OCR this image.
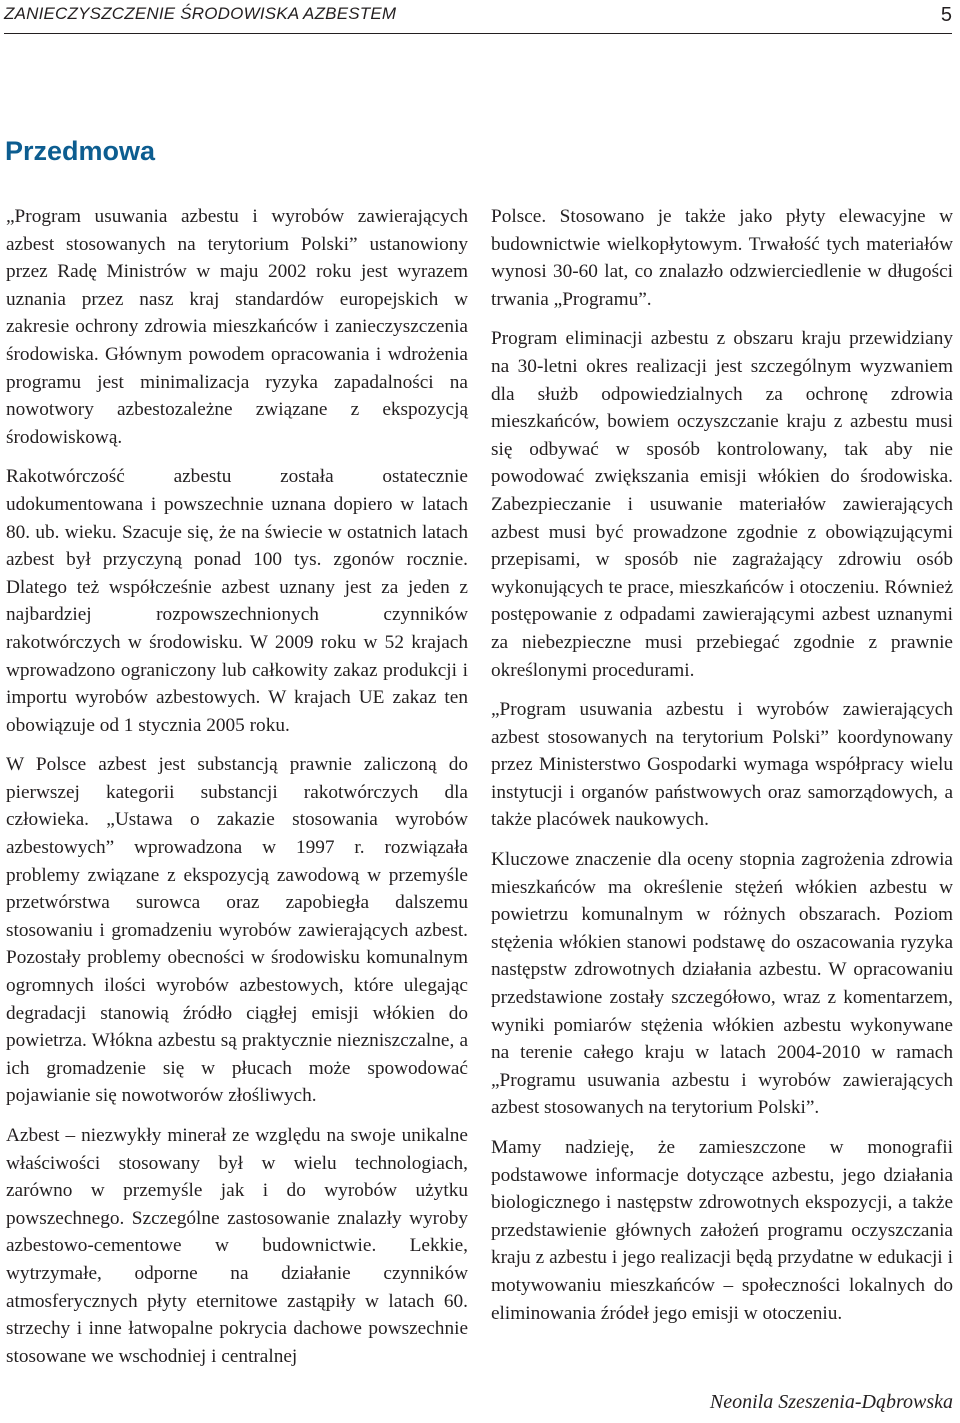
ZANIECZYSZCZENIE ŚRODOWISKA AZBESTEM	5
Przedmowa

„Program usuwania azbestu i wyrobów zawierających azbest stosowanych na terytorium Polski” ustanowiony przez Radę Ministrów w maju 2002 roku jest wyrazem uznania przez nasz kraj standardów europejskich w zakresie ochrony zdrowia mieszkańców i zanieczyszczenia środowiska. Głównym powodem opracowania i wdrożenia programu jest minimalizacja ryzyka zapadalności na nowotwory azbestozależne związane z ekspozycją środowiskową.

Rakotwórczość azbestu została ostatecznie udokumentowana i powszechnie uznana dopiero w latach 80. ub. wieku. Szacuje się, że na świecie w ostatnich latach azbest był przyczyną ponad 100 tys. zgonów rocznie. Dlatego też współcześnie azbest uznany jest za jeden z najbardziej rozpowszechnionych czynników rakotwórczych w środowisku. W 2009 roku w 52 krajach wprowadzono ograniczony lub całkowity zakaz produkcji i importu wyrobów azbestowych. W krajach UE zakaz ten obowiązuje od 1 stycznia 2005 roku.

W Polsce azbest jest substancją prawnie zaliczoną do pierwszej kategorii substancji rakotwórczych dla człowieka. „Ustawa o zakazie stosowania wyrobów azbestowych” wprowadzona w 1997 r. rozwiązała problemy związane z ekspozycją zawodową w przemyśle przetwórstwa surowca oraz zapobiegła dalszemu stosowaniu i gromadzeniu wyrobów zawierających azbest. Pozostały problemy obecności w środowisku komunalnym ogromnych ilości wyrobów azbestowych, które ulegając degradacji stanowią źródło ciągłej emisji włókien do powietrza. Włókna azbestu są praktycznie niezniszczalne, a ich gromadzenie się w płucach może spowodować pojawianie się nowotworów złośliwych.

Azbest – niezwykły minerał ze względu na swoje unikalne właściwości stosowany był w wielu technologiach, zarówno w przemyśle jak i do wyrobów użytku powszechnego. Szczególne zastosowanie znalazły wyroby azbestowo-cementowe w budownictwie. Lekkie, wytrzymałe, odporne na działanie czynników atmosferycznych płyty eternitowe zastąpiły w latach 60. strzechy i inne łatwopalne pokrycia dachowe powszechnie stosowane we wschodniej i centralnej

Polsce. Stosowano je także jako płyty elewacyjne w budownictwie wielkopłytowym. Trwałość tych materiałów wynosi 30-60 lat, co znalazło odzwierciedlenie w długości trwania „Programu”.

Program eliminacji azbestu z obszaru kraju przewidziany na 30-letni okres realizacji jest szczególnym wyzwaniem dla służb odpowiedzialnych za ochronę zdrowia mieszkańców, bowiem oczyszczanie kraju z azbestu musi się odbywać w sposób kontrolowany, tak aby nie powodować zwiększania emisji włókien do środowiska. Zabezpieczanie i usuwanie materiałów zawierających azbest musi być prowadzone zgodnie z obowiązującymi przepisami, w sposób nie zagrażający zdrowiu osób wykonujących te prace, mieszkańców i otoczeniu. Również postępowanie z odpadami zawierającymi azbest uznanymi za niebezpieczne musi przebiegać zgodnie z prawnie określonymi procedurami.

„Program usuwania azbestu i wyrobów zawierających azbest stosowanych na terytorium Polski” koordynowany przez Ministerstwo Gospodarki wymaga współpracy wielu instytucji i organów państwowych oraz samorządowych, a także placówek naukowych.

Kluczowe znaczenie dla oceny stopnia zagrożenia zdrowia mieszkańców ma określenie stężeń włókien azbestu w powietrzu komunalnym w różnych obszarach. Poziom stężenia włókien stanowi podstawę do oszacowania ryzyka następstw zdrowotnych działania azbestu. W opracowaniu przedstawione zostały szczegółowo, wraz z komentarzem, wyniki pomiarów stężenia włókien azbestu wykonywane na terenie całego kraju w latach 2004-2010 w ramach „Programu usuwania azbestu i wyrobów zawierających azbest stosowanych na terytorium Polski”.

Mamy nadzieję, że zamieszczone w monografii podstawowe informacje dotyczące azbestu, jego działania biologicznego i następstw zdrowotnych ekspozycji, a także przedstawienie głównych założeń programu oczyszczania kraju z azbestu i jego realizacji będą przydatne w edukacji i motywowaniu mieszkańców – społeczności lokalnych do eliminowania źródeł jego emisji w otoczeniu.

Neonila Szeszenia-Dąbrowska
